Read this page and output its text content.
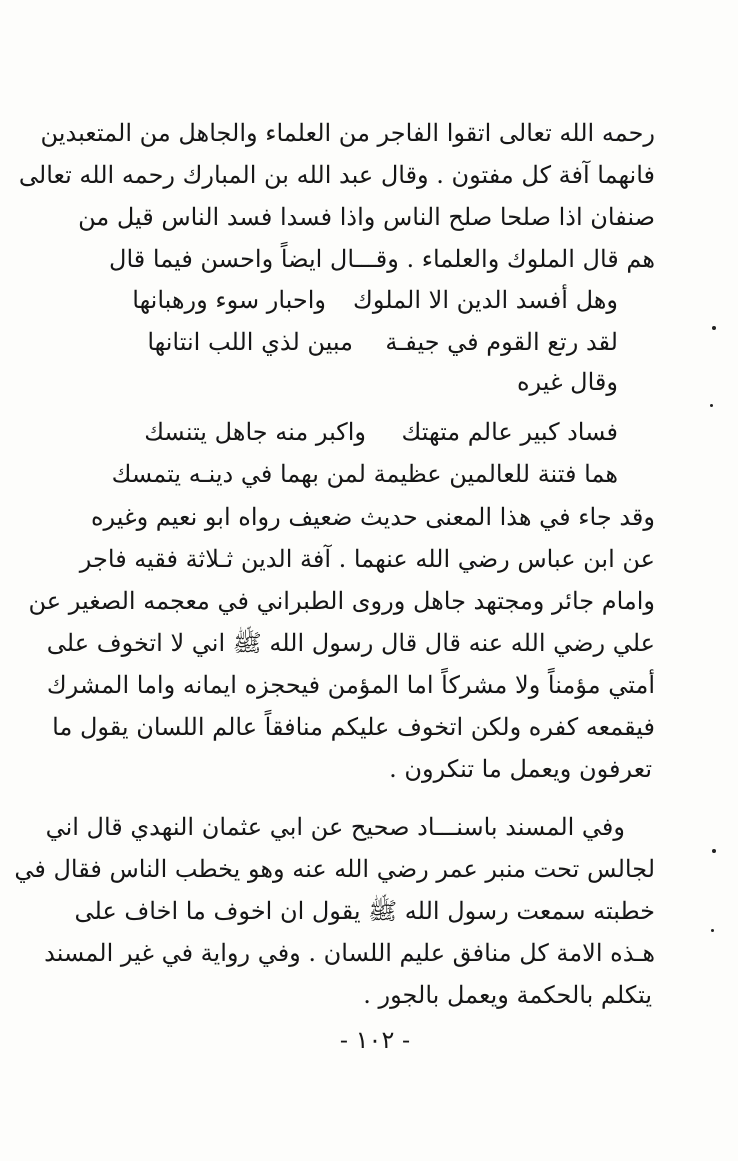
رحمه الله تعالى اتقوا الفاجر من العلماء والجاهل من المتعبدين
فانهما آفة كل مفتون . وقال عبد الله بن المبارك رحمه الله تعالى
صنفان اذا صلحا صلح الناس واذا فسدا فسد الناس قيل من
هم قال الملوك والعلماء . وقـــال ايضاً واحسن فيما قال
وهل أفسد الدين الا الملوك
واحبار سوء ورهبانها
لقد رتع القوم في جيفـة
مبين لذي اللب انتانها
وقال غيره
فساد كبير عالم متهتك
واكبر منه جاهل يتنسك
هما فتنة للعالمين عظيمة
لمن بهما في دينـه يتمسك
وقد جاء في هذا المعنى حديث ضعيف رواه ابو نعيم وغيره
عن ابن عباس رضي الله عنهما . آفة الدين ثـلاثة فقيه فاجر
وامام جائر ومجتهد جاهل وروى الطبراني في معجمه الصغير عن
علي رضي الله عنه قال قال رسول الله ﷺ اني لا اتخوف على
أمتي مؤمناً ولا مشركاً اما المؤمن فيحجزه ايمانه واما المشرك
فيقمعه كفره ولكن اتخوف عليكم منافقاً عالم اللسان يقول ما
تعرفون ويعمل ما تنكرون .
وفي المسند باسنـــاد صحيح عن ابي عثمان النهدي قال اني
لجالس تحت منبر عمر رضي الله عنه وهو يخطب الناس فقال في
خطبته سمعت رسول الله ﷺ يقول ان اخوف ما اخاف على
هـذه الامة كل منافق عليم اللسان . وفي رواية في غير المسند
يتكلم بالحكمة ويعمل بالجور .
- ١٠٢ -
